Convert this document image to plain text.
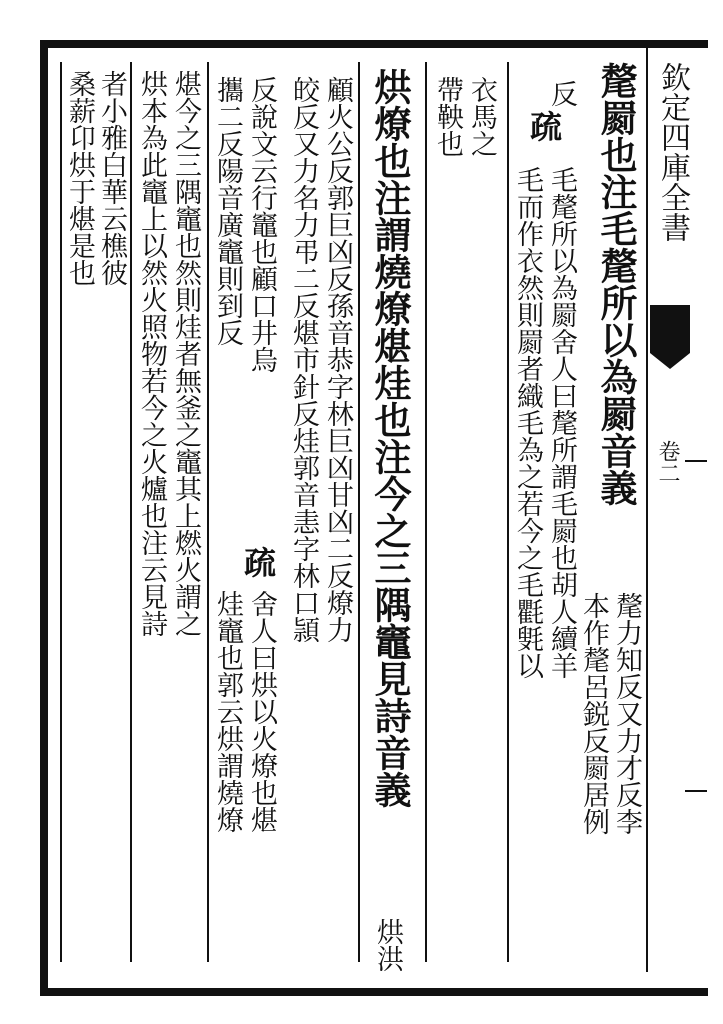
欽定四庫全書
卷二
氂罽也注毛氂所以為罽音義
氂力知反又力才反李
反
疏
毛氂所以為罽舍人曰氂所謂毛罽也胡人續羊
本作氂呂鋭反罽居例
毛而作衣然則罽者織毛為之若今之毛氍㲣以
衣馬之
帶鞅也
烘燎也注謂燒燎煁烓也注今之三隅竈見詩音義
烘洪
顧火公反郭巨凶反孫音恭字林巨凶甘凶二反燎力
皎反又力名力弔二反煁市針反烓郭音恚字林口頴
反說文云行竈也顧口井烏
疏
舍人曰烘以火燎也煁
攜二反陽音廣竈則到反
烓竈也郭云烘謂燒燎
煁今之三隅竈也然則烓者無釜之竈其上燃火謂之
烘本為此竈上以然火照物若今之火爐也注云見詩
者小雅白華云樵彼
桑薪卬烘于煁是也
